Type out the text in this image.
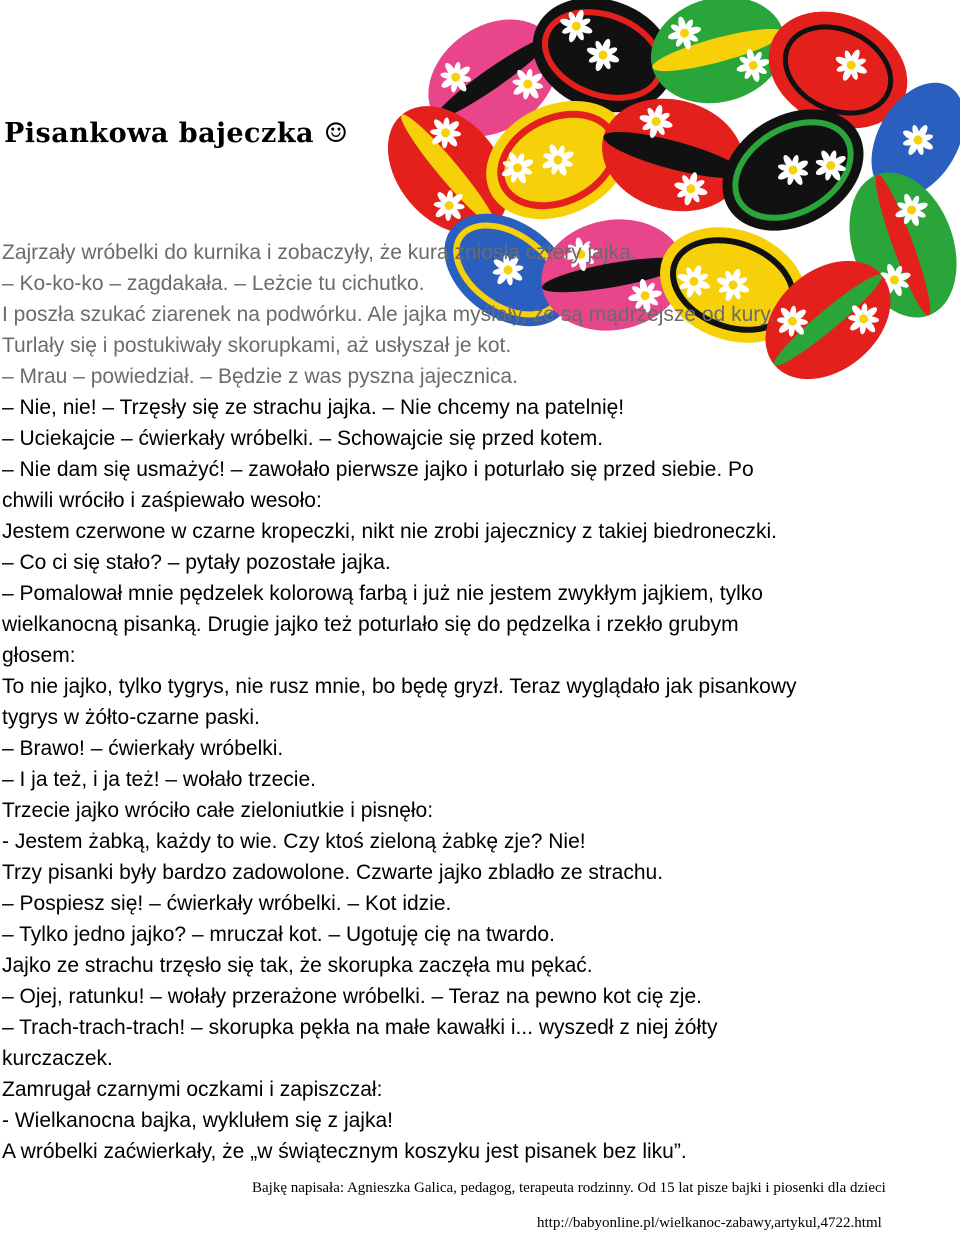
Pisankowa bajeczka ☺
Zajrzały wróbelki do kurnika i zobaczyły, że kura zniosła cztery jajka.
– Ko-ko-ko – zagdakała. – Leżcie tu cichutko.
I poszła szukać ziarenek na podwórku. Ale jajka myślały, że są mądrzejsze od kury.
Turlały się i postukiwały skorupkami, aż usłyszał je kot.
– Mrau – powiedział. – Będzie z was pyszna jajecznica.
– Nie, nie! – Trzęsły się ze strachu jajka. – Nie chcemy na patelnię!
– Uciekajcie – ćwierkały wróbelki. – Schowajcie się przed kotem.
– Nie dam się usmażyć! – zawołało pierwsze jajko i poturlało się przed siebie. Po
chwili wróciło i zaśpiewało wesoło:
Jestem czerwone w czarne kropeczki, nikt nie zrobi jajecznicy z takiej biedroneczki.
– Co ci się stało? – pytały pozostałe jajka.
– Pomalował mnie pędzelek kolorową farbą i już nie jestem zwykłym jajkiem, tylko
wielkanocną pisanką. Drugie jajko też poturlało się do pędzelka i rzekło grubym
głosem:
To nie jajko, tylko tygrys, nie rusz mnie, bo będę gryzł. Teraz wyglądało jak pisankowy
tygrys w żółto-czarne paski.
– Brawo! – ćwierkały wróbelki.
– I ja też, i ja też! – wołało trzecie.
Trzecie jajko wróciło całe zieloniutkie i pisnęło:
- Jestem żabką, każdy to wie. Czy ktoś zieloną żabkę zje? Nie!
Trzy pisanki były bardzo zadowolone. Czwarte jajko zbladło ze strachu.
– Pospiesz się! – ćwierkały wróbelki. – Kot idzie.
– Tylko jedno jajko? – mruczał kot. – Ugotuję cię na twardo.
Jajko ze strachu trzęsło się tak, że skorupka zaczęła mu pękać.
– Ojej, ratunku! – wołały przerażone wróbelki. – Teraz na pewno kot cię zje.
– Trach-trach-trach! – skorupka pękła na małe kawałki i... wyszedł z niej żółty
kurczaczek.
Zamrugał czarnymi oczkami i zapiszczał:
- Wielkanocna bajka, wyklułem się z jajka!
A wróbelki zaćwierkały, że „w świątecznym koszyku jest pisanek bez liku”.
Bajkę napisała: Agnieszka Galica, pedagog, terapeuta rodzinny. Od 15 lat pisze bajki i piosenki dla dzieci
http://babyonline.pl/wielkanoc-zabawy,artykul,4722.html
